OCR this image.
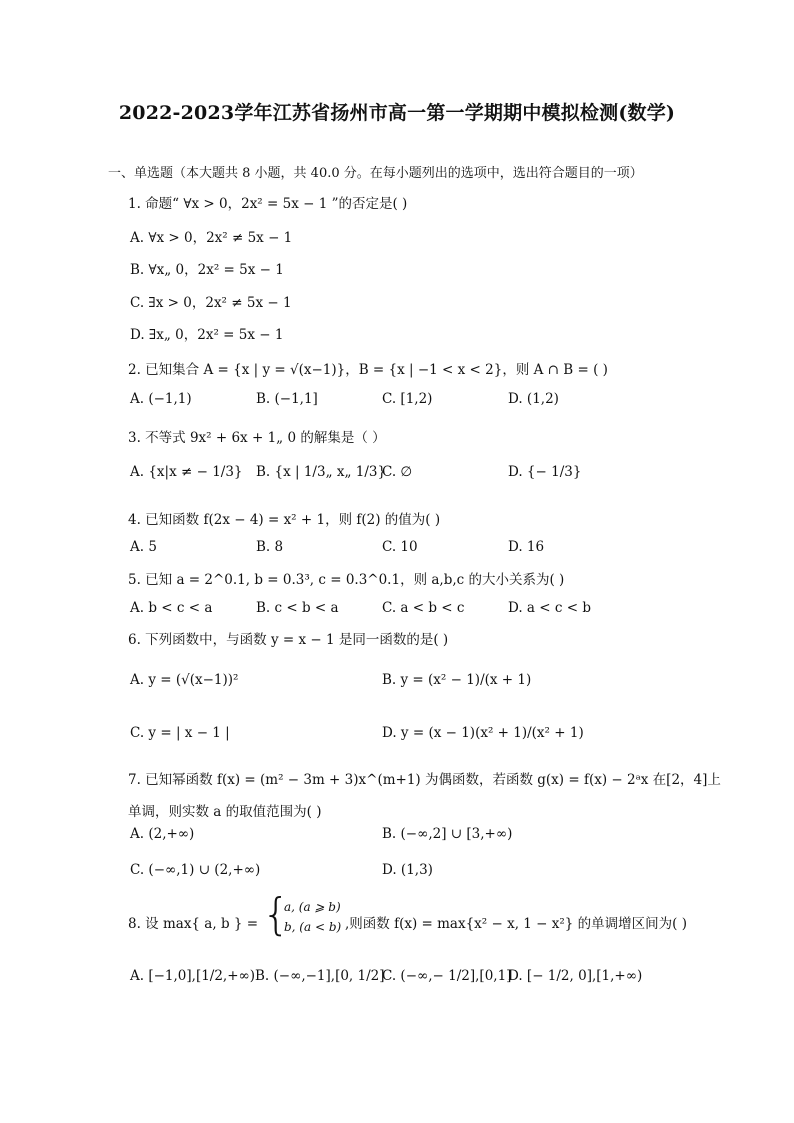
2022-2023学年江苏省扬州市高一第一学期期中模拟检测(数学)
一、单选题（本大题共 8 小题，共 40.0 分。在每小题列出的选项中，选出符合题目的一项）
1. 命题“ ∀x > 0，2x² = 5x − 1 ”的否定是( )
A. ∀x > 0，2x² ≠ 5x − 1
B. ∀x„ 0，2x² = 5x − 1
C. ∃x > 0，2x² ≠ 5x − 1
D. ∃x„ 0，2x² = 5x − 1
2. 已知集合 A = {x | y = √(x−1)}，B = {x | −1 < x < 2}，则 A ∩ B = ( )
A. (−1,1)	B. (−1,1]	C. [1,2)	D. (1,2)
3. 不等式 9x² + 6x + 1„ 0 的解集是（ ）
A. {x|x ≠ − 1/3} B. {x | 1/3„ x„ 1/3}
C. ∅	D. {− 1/3}
4. 已知函数 f(2x − 4) = x² + 1，则 f(2) 的值为( )
A. 5	B. 8	C. 10	D. 16
5. 已知 a = 2^0.1, b = 0.3³, c = 0.3^0.1，则 a,b,c 的大小关系为( )
A. b < c < a	B. c < b < a	C. a < b < c	D. a < c < b
6. 下列函数中，与函数 y = x − 1 是同一函数的是( )
A. y = (√(x−1))²	B. y = (x² − 1)/(x + 1)
C. y = | x − 1 |	D. y = (x − 1)(x² + 1)/(x² + 1)
7. 已知幂函数 f(x) = (m² − 3m + 3)x^(m+1) 为偶函数，若函数 g(x) = f(x) − 2ᵃx 在[2，4]上
单调，则实数 a 的取值范围为( )
A. (2,+∞)	B. (−∞,2] ∪ [3,+∞)
C. (−∞,1) ∪ (2,+∞)	D. (1,3)
8. 设 max{ a, b } = {
a, (a ⩾ b)
b, (a < b) ,则函数 f(x) = max{x² − x, 1 − x²} 的单调增区间为( )
A. [−1,0],[1/2,+∞) B. (−∞,−1],[0, 1/2]
C. (−∞,− 1/2],[0,1]
D. [− 1/2, 0],[1,+∞)
